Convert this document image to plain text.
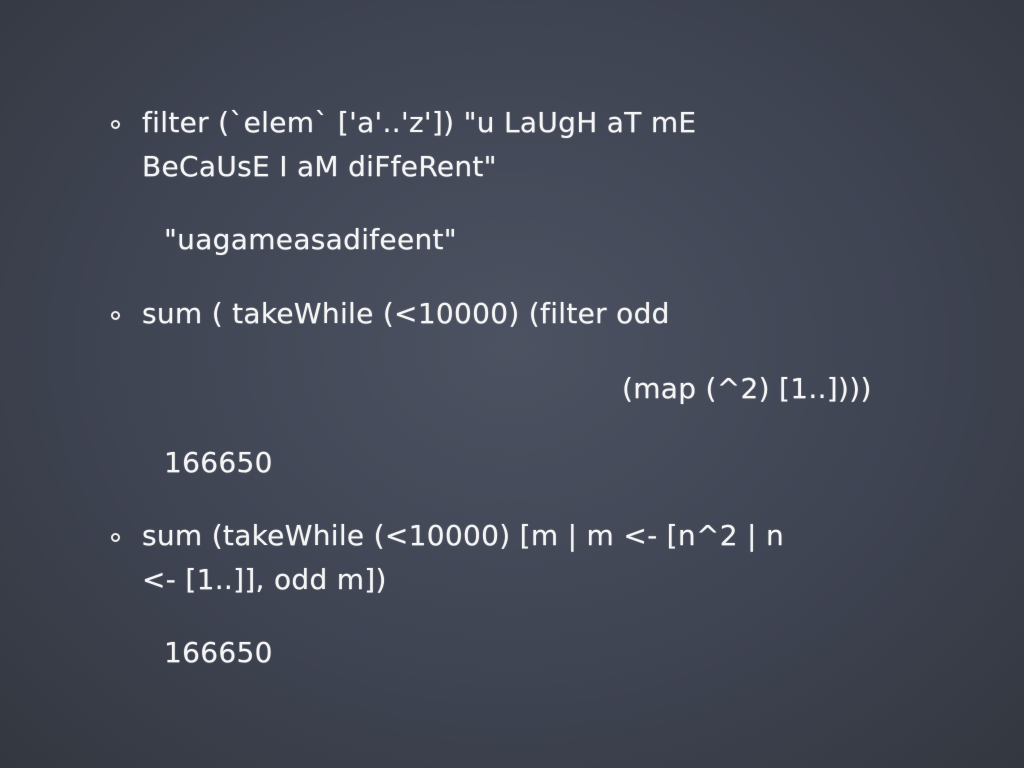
filter (`elem` ['a'..'z']) "u LaUgH aT mE
BeCaUsE I aM diFfeRent"
"uagameasadifeent"
sum ( takeWhile (<10000) (filter odd
(map (^2) [1..])))
166650
sum (takeWhile (<10000) [m | m <- [n^2 | n
<- [1..]], odd m])
166650
